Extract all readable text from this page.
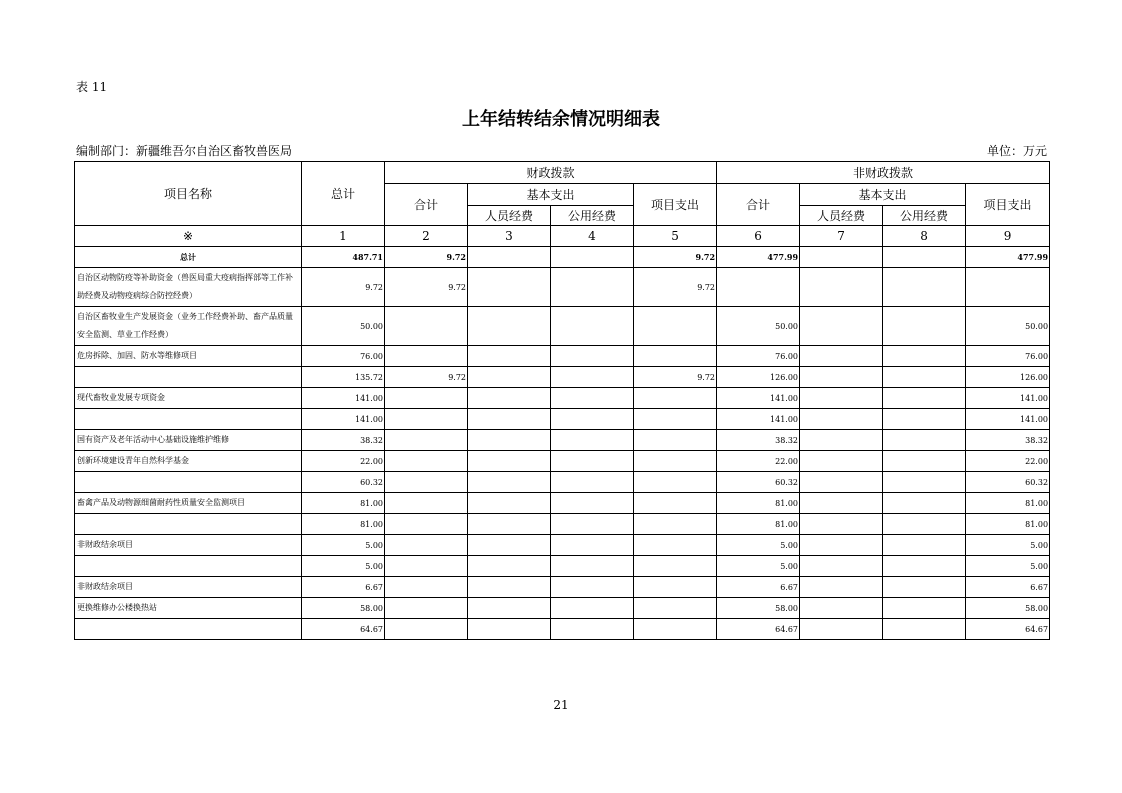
表 11
上年结转结余情况明细表
编制部门：新疆维吾尔自治区畜牧兽医局	单位：万元
项目名称	总计	财政拨款				非财政拨款			
		合计	基本支出		项目支出	合计	基本支出		项目支出
			人员经费	公用经费			人员经费	公用经费	
※	1	2	3	4	5	6	7	8	9
总计	487.71	9.72			9.72	477.99			477.99
自治区动物防疫等补助资金（兽医局重大疫病指挥部等工作补助经费及动物疫病综合防控经费）	9.72	9.72			9.72				
自治区畜牧业生产发展资金（业务工作经费补助、畜产品质量安全监测、草业工作经费）	50.00					50.00			50.00
危房拆除、加固、防水等维修项目	76.00					76.00			76.00
	135.72	9.72			9.72	126.00			126.00
现代畜牧业发展专项资金	141.00					141.00			141.00
	141.00					141.00			141.00
国有资产及老年活动中心基础设施维护维修	38.32					38.32			38.32
创新环境建设青年自然科学基金	22.00					22.00			22.00
	60.32					60.32			60.32
畜禽产品及动物源细菌耐药性质量安全监测项目	81.00					81.00			81.00
	81.00					81.00			81.00
非财政结余项目	5.00					5.00			5.00
	5.00					5.00			5.00
非财政结余项目	6.67					6.67			6.67
更换维修办公楼换热站	58.00					58.00			58.00
	64.67					64.67			64.67
21
